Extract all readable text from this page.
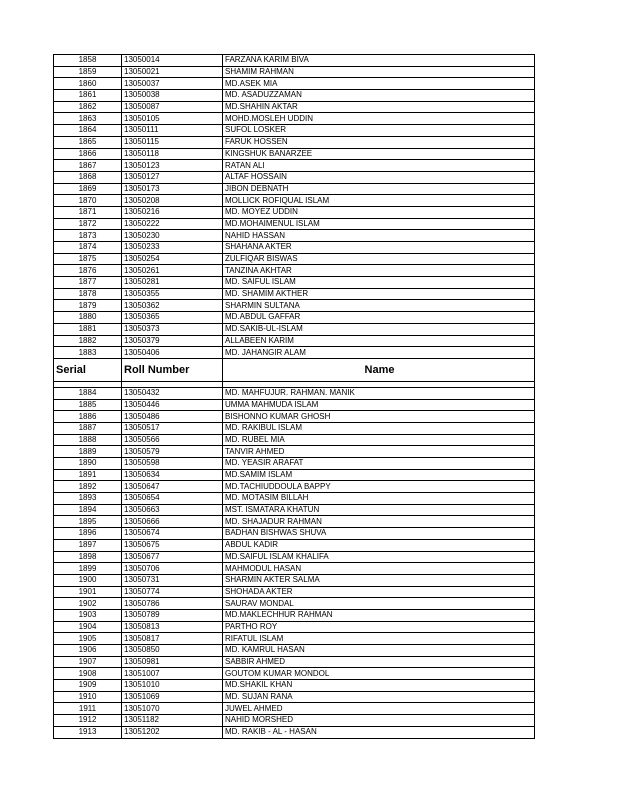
1858	13050014	FARZANA KARIM BIVA
1859	13050021	SHAMIM RAHMAN
1860	13050037	MD.ASEK MIA
1861	13050038	MD. ASADUZZAMAN
1862	13050087	MD.SHAHIN AKTAR
1863	13050105	MOHD.MOSLEH UDDIN
1864	13050111	SUFOL LOSKER
1865	13050115	FARUK HOSSEN
1866	13050118	KINGSHUK BANARZEE
1867	13050123	RATAN ALI
1868	13050127	ALTAF HOSSAIN
1869	13050173	JIBON DEBNATH
1870	13050208	MOLLICK ROFIQUAL ISLAM
1871	13050216	MD. MOYEZ UDDIN
1872	13050222	MD.MOHAIMENUL ISLAM
1873	13050230	NAHID HASSAN
1874	13050233	SHAHANA AKTER
1875	13050254	ZULFIQAR BISWAS
1876	13050261	TANZINA AKHTAR
1877	13050281	MD. SAIFUL ISLAM
1878	13050355	MD. SHAMIM AKTHER
1879	13050362	SHARMIN SULTANA
1880	13050365	MD.ABDUL GAFFAR
1881	13050373	MD.SAKIB-UL-ISLAM
1882	13050379	ALLABEEN KARIM
1883	13050406	MD. JAHANGIR ALAM
Serial	Roll Number	Name

1884	13050432	MD. MAHFUJUR. RAHMAN. MANIK
1885	13050446	UMMA MAHMUDA ISLAM
1886	13050486	BISHONNO KUMAR GHOSH
1887	13050517	MD. RAKIBUL ISLAM
1888	13050566	MD. RUBEL MIA
1889	13050579	TANVIR AHMED
1890	13050598	MD. YEASIR ARAFAT
1891	13050634	MD.SAMIM ISLAM
1892	13050647	MD.TACHIUDDOULA BAPPY
1893	13050654	MD. MOTASIM BILLAH
1894	13050663	MST. ISMATARA KHATUN
1895	13050666	MD. SHAJADUR RAHMAN
1896	13050674	BADHAN BISHWAS SHUVA
1897	13050675	ABDUL KADIR
1898	13050677	MD.SAIFUL ISLAM KHALIFA
1899	13050706	MAHMODUL HASAN
1900	13050731	SHARMIN AKTER SALMA
1901	13050774	SHOHADA AKTER
1902	13050786	SAURAV MONDAL
1903	13050789	MD.MAKLECHHUR RAHMAN
1904	13050813	PARTHO ROY
1905	13050817	RIFATUL ISLAM
1906	13050850	MD. KAMRUL HASAN
1907	13050981	SABBIR AHMED
1908	13051007	GOUTOM KUMAR MONDOL
1909	13051010	MD.SHAKIL KHAN
1910	13051069	MD. SUJAN RANA
1911	13051070	JUWEL AHMED
1912	13051182	NAHID MORSHED
1913	13051202	MD. RAKIB - AL - HASAN
